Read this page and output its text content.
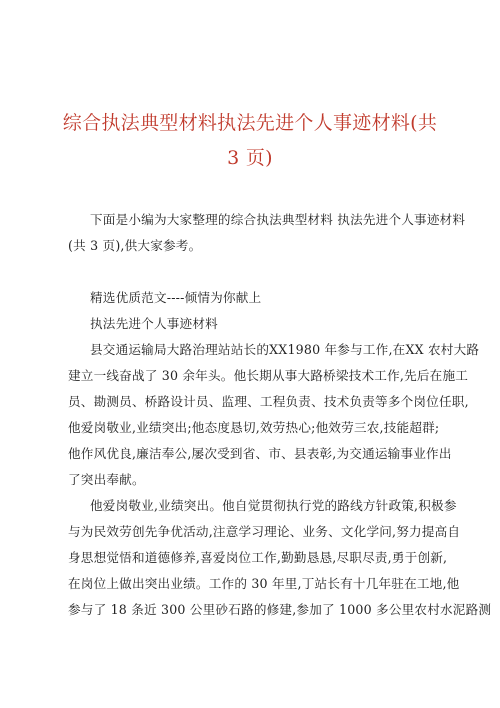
综合执法典型材料执法先进个人事迹材料(共
3 页)
下面是小编为大家整理的综合执法典型材料 执法先进个人事迹材料
(共 3 页),供大家参考。
精选优质范文----倾情为你献上
执法先进个人事迹材料
县交通运输局大路治理站站长的XX1980 年参与工作,在XX 农村大路
建立一线奋战了 30 余年头。他长期从事大路桥梁技术工作,先后在施工
员、勘测员、桥路设计员、监理、工程负责、技术负责等多个岗位任职,
他爱岗敬业,业绩突出;他态度恳切,效劳热心;他效劳三农,技能超群;
他作风优良,廉洁奉公,屡次受到省、市、县表彰,为交通运输事业作出
了突出奉献。
他爱岗敬业,业绩突出。他自觉贯彻执行党的路线方针政策,积极参
与为民效劳创先争优活动,注意学习理论、业务、文化学问,努力提高自
身思想觉悟和道德修养,喜爱岗位工作,勤勤恳恳,尽职尽责,勇于创新,
在岗位上做出突出业绩。工作的 30 年里,丁站长有十几年驻在工地,他
参与了 18 条近 300 公里砂石路的修建,参加了 1000 多公里农村水泥路测
